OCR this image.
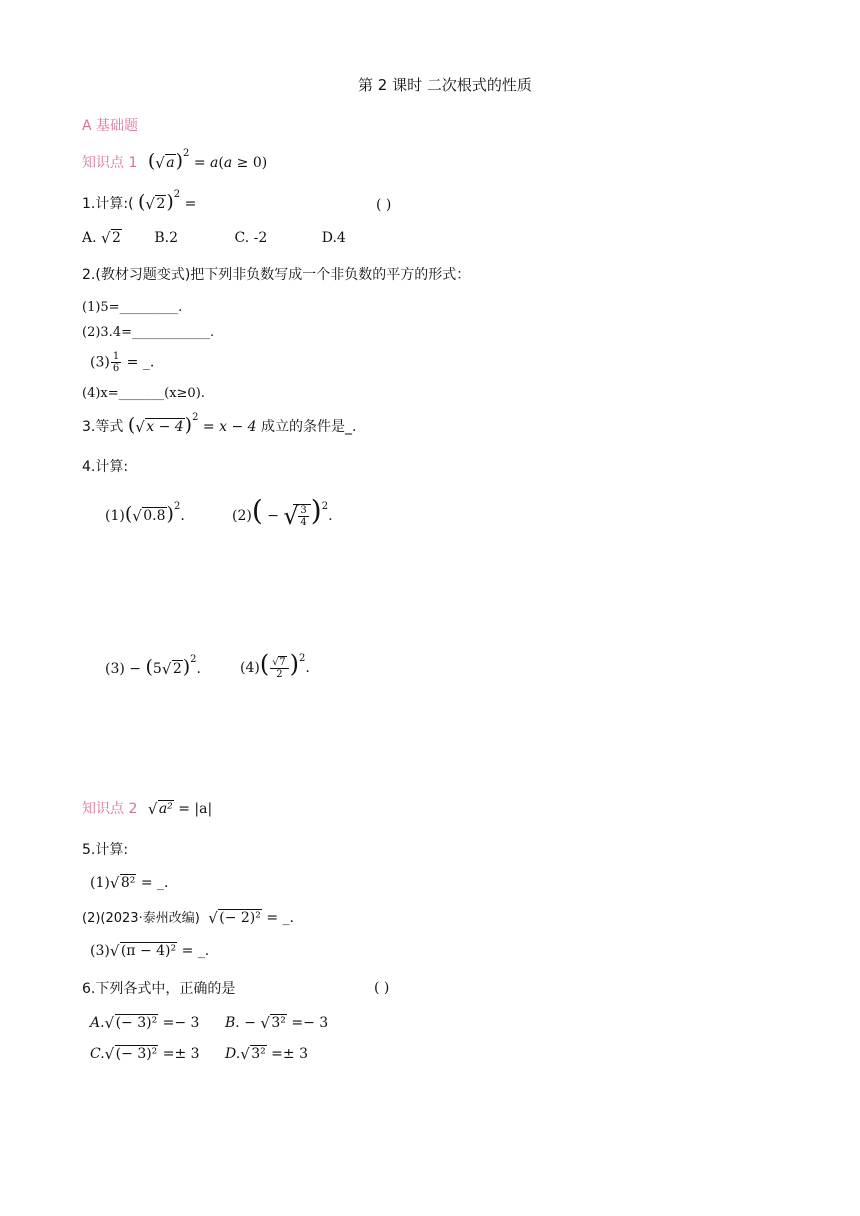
第 2 课时 二次根式的性质
A 基础题
知识点 1 ( √ a)$^2$ = a(a ≥ 0)
1.计算:( ( √ 2)$^2$ =	( )
A. √ 2 B.2	C. -2	D.4
2.(教材习题变式)把下列非负数写成一个非负数的平方的形式：
(1)5=_________.
(2)3.4=____________.
$(3) \frac{1}{6}$ = _.
(4)x=_______(x≥0).
3.等式 ( √ x − 4)$^2$ = x − 4 成立的条件是_.
4.计算:
(1)( √ 0.8)$^2$.	(2)( − √ $\frac{3}{4} )^2$.
(3) − (5 √ 2)$^2$.	$(4)( \frac{√ 7}{2} )^2$.
知识点 2 √ a² = |a|
5.计算:
(1) √ 8² = _.
(2)(2023·泰州改编) √ (− 2)² = _.
(3) √ (π − 4)² = _.
6.下列各式中，正确的是	( )
A. √ (− 3)² =− 3 B. − √ 3² =− 3
C. √ (− 3)² =± 3 D. √ 3² =± 3
